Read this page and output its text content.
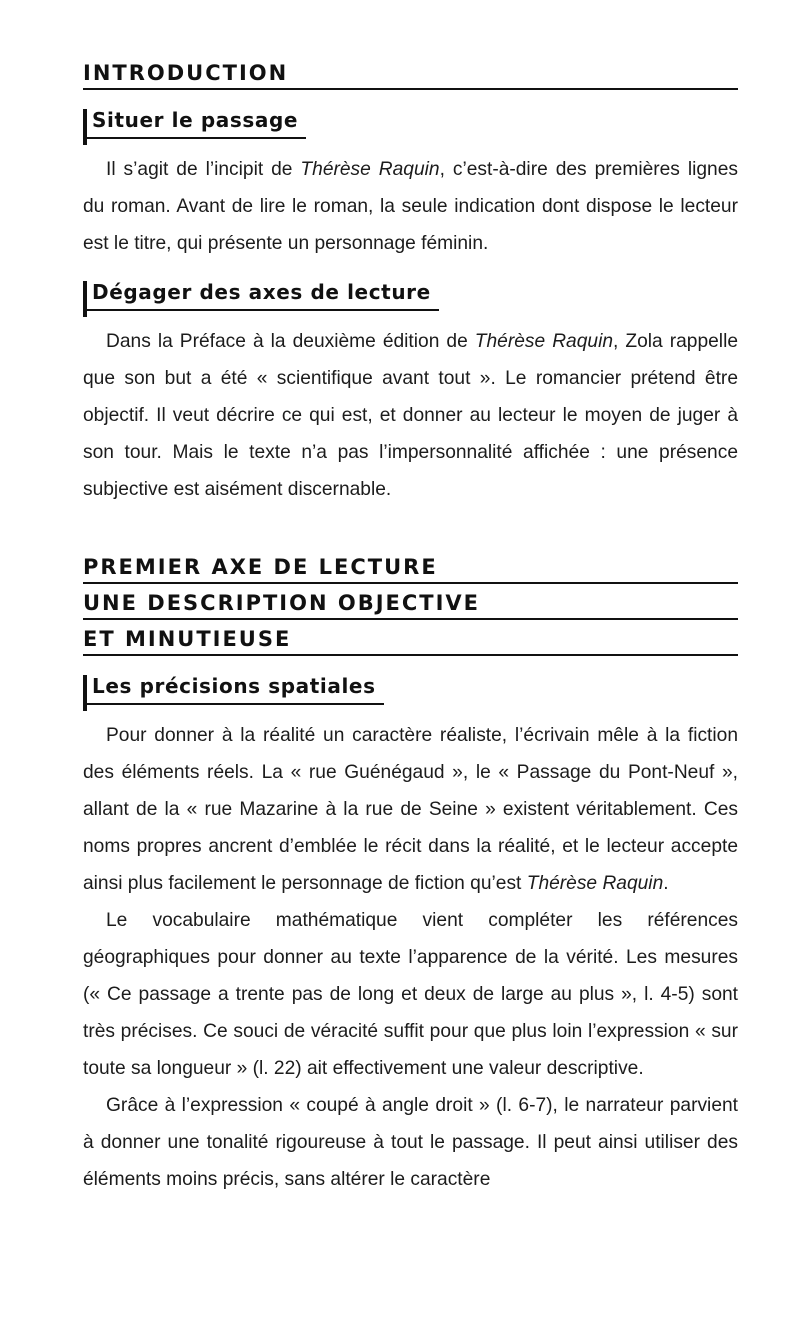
INTRODUCTION
Situer le passage

Il s’agit de l’incipit de Thérèse Raquin, c’est-à-dire des premières lignes du roman. Avant de lire le roman, la seule indication dont dispose le lecteur est le titre, qui présente un personnage féminin.

Dégager des axes de lecture

Dans la Préface à la deuxième édition de Thérèse Raquin, Zola rappelle que son but a été « scientifique avant tout ». Le romancier prétend être objectif. Il veut décrire ce qui est, et donner au lecteur le moyen de juger à son tour. Mais le texte n’a pas l’impersonnalité affichée : une présence subjective est aisément discernable.

PREMIER AXE DE LECTURE
UNE DESCRIPTION OBJECTIVE
ET MINUTIEUSE
Les précisions spatiales

Pour donner à la réalité un caractère réaliste, l’écrivain mêle à la fiction des éléments réels. La « rue Guénégaud », le « Passage du Pont-Neuf », allant de la « rue Mazarine à la rue de Seine » existent véritablement. Ces noms propres ancrent d’emblée le récit dans la réalité, et le lecteur accepte ainsi plus facilement le personnage de fiction qu’est Thérèse Raquin.

Le vocabulaire mathématique vient compléter les références géographiques pour donner au texte l’apparence de la vérité. Les mesures (« Ce passage a trente pas de long et deux de large au plus », l. 4-5) sont très précises. Ce souci de véracité suffit pour que plus loin l’expression « sur toute sa longueur » (l. 22) ait effectivement une valeur descriptive.

Grâce à l’expression « coupé à angle droit » (l. 6-7), le narrateur parvient à donner une tonalité rigoureuse à tout le passage. Il peut ainsi utiliser des éléments moins précis, sans altérer le caractère
